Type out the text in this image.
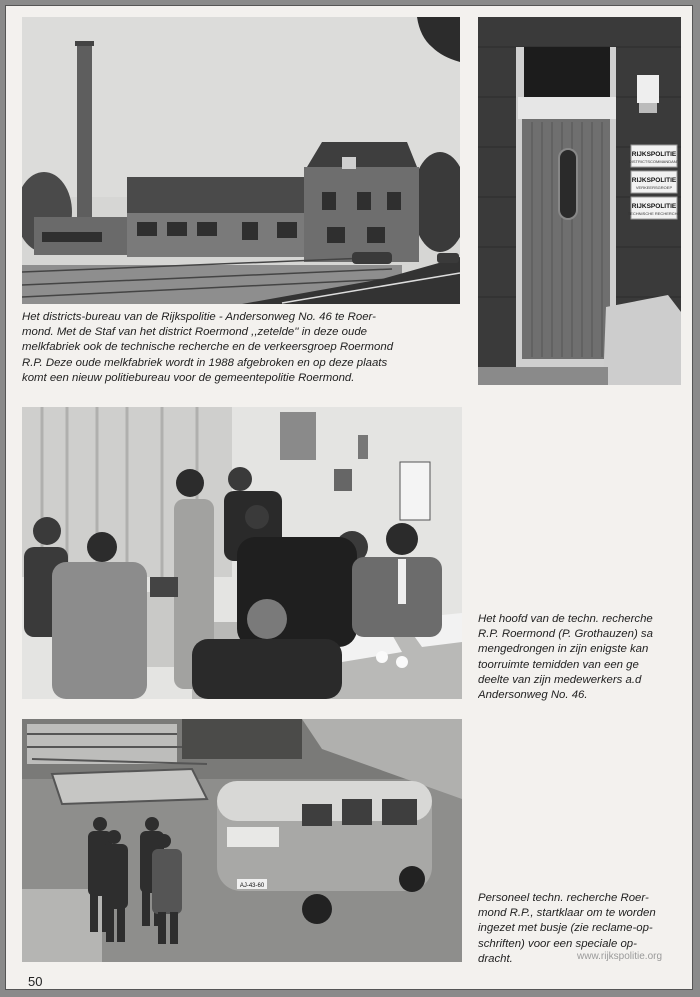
RIJKSPOLITIE
RIJKSPOLITIE
RIJKSPOLITIE
DISTRICTSCOMMANDANT
VERKEERSGROEP
TECHNISCHE RECHERCHE
AJ-43-60
Het districts-bureau van de Rijkspolitie - Andersonweg No. 46 te Roer-
mond. Met de Staf van het district Roermond ,,zetelde'' in deze oude
melkfabriek ook de technische recherche en de verkeersgroep Roermond
R.P. Deze oude melkfabriek wordt in 1988 afgebroken en op deze plaats
komt een nieuw politiebureau voor de gemeentepolitie Roermond.
Het hoofd van de techn. recherche
R.P. Roermond (P. Grothauzen) sa
mengedrongen in zijn enigste kan
toorruimte temidden van een ge
deelte van zijn medewerkers a.d
Andersonweg No. 46.
Personeel techn. recherche Roer-
mond R.P., startklaar om te worden
ingezet met busje (zie reclame-op-
schriften) voor een speciale op-
dracht.	www.rijkspolitie.org
50
